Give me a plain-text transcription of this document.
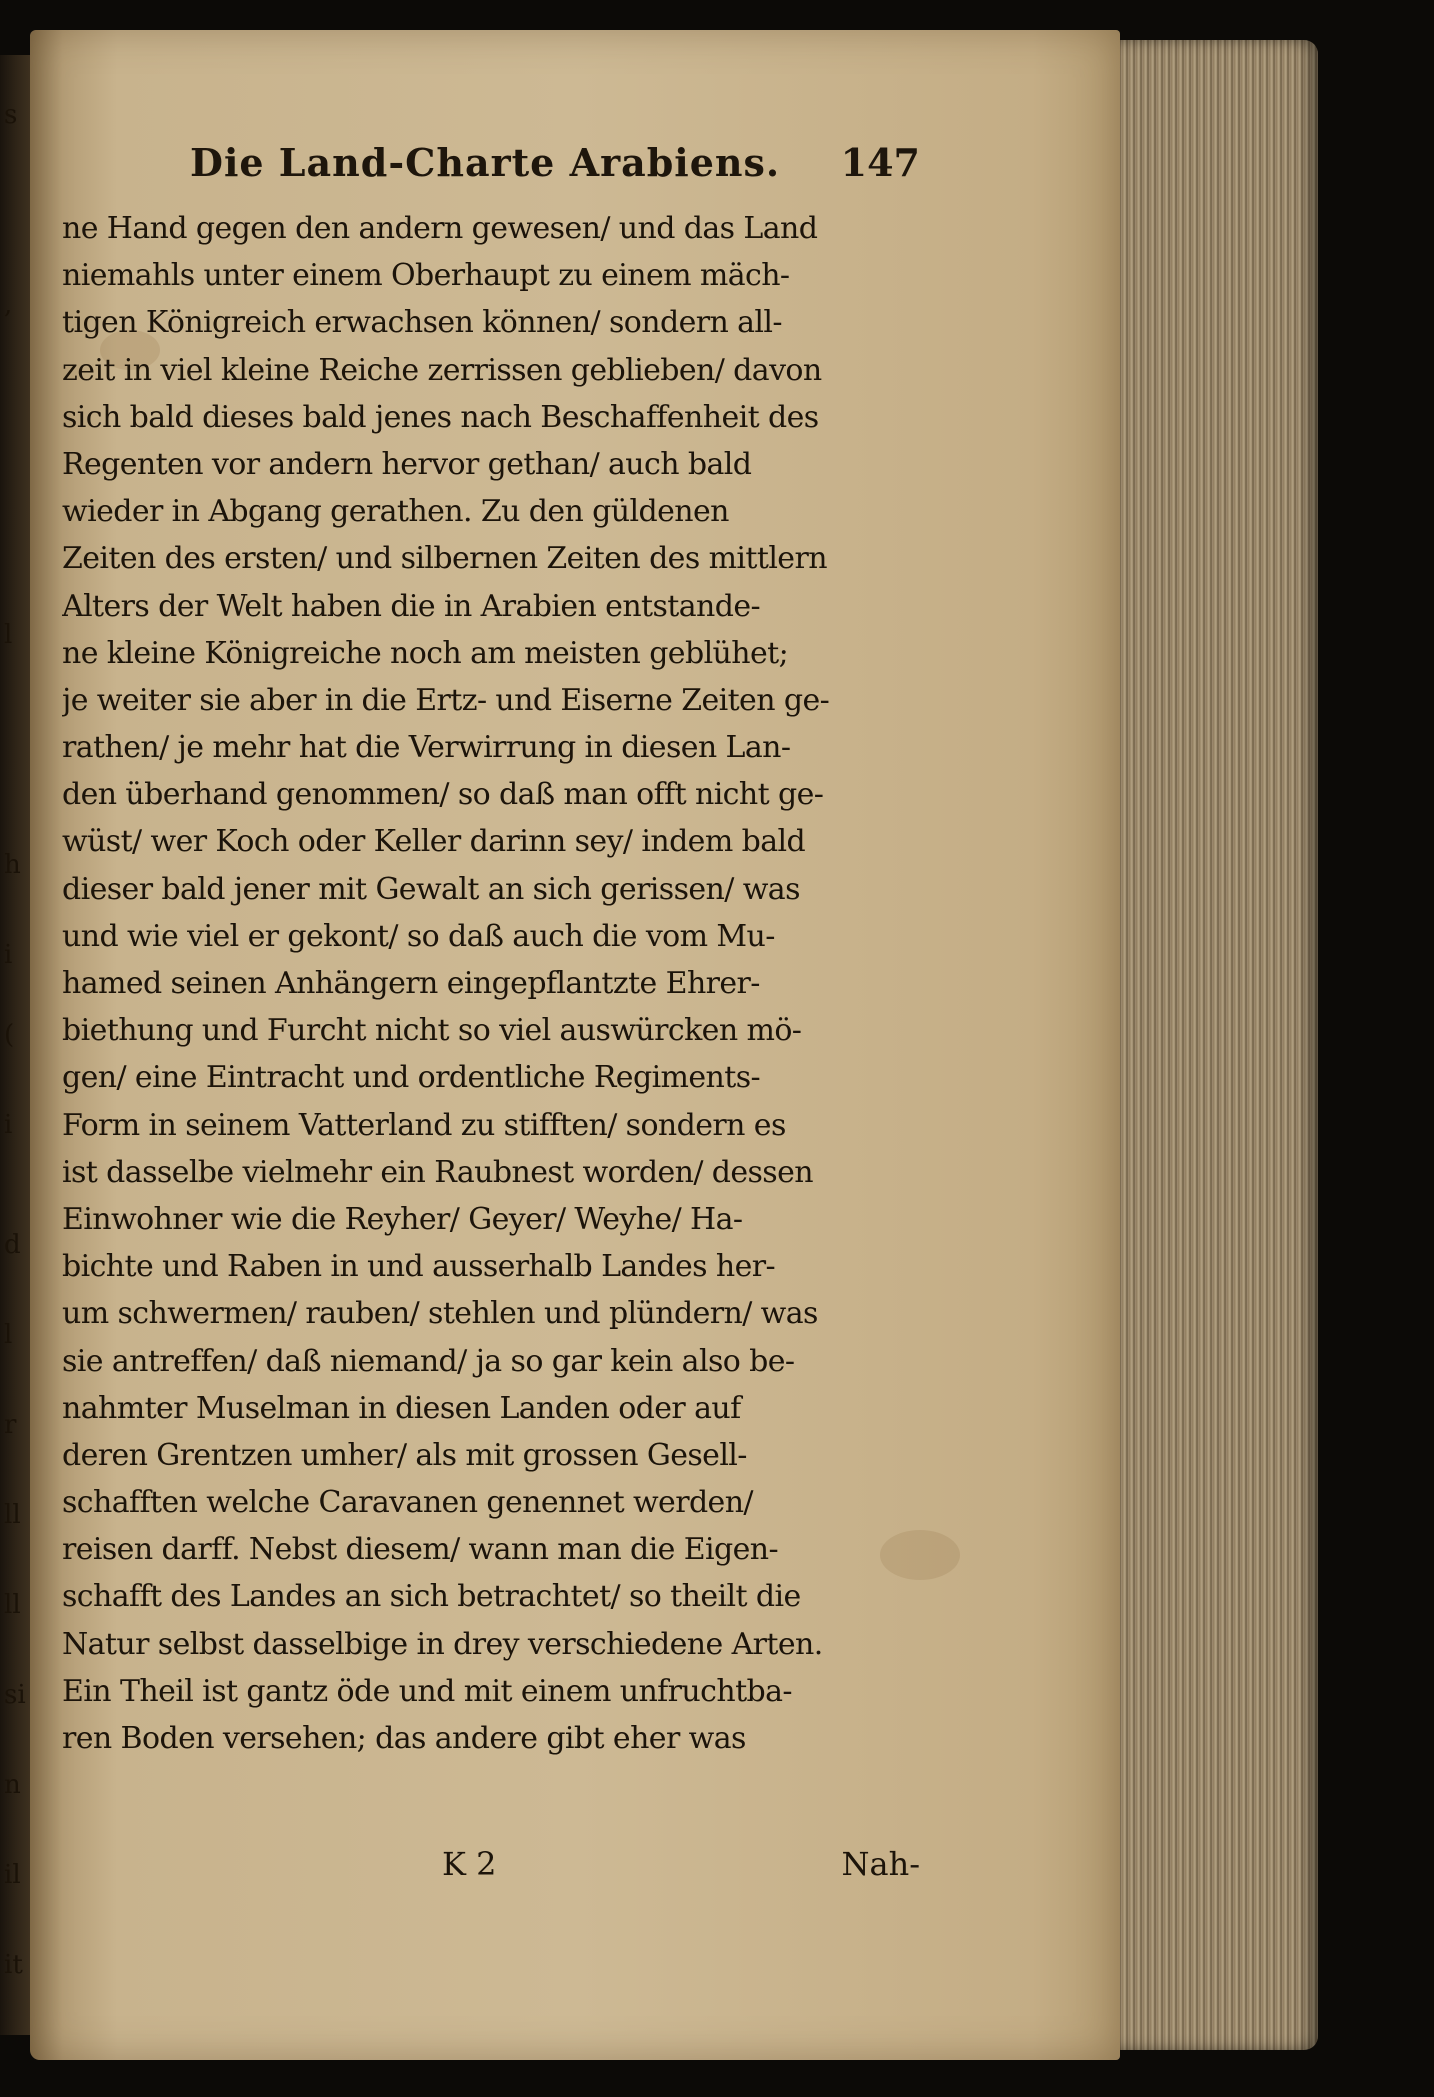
s
,
l
h
i
(
i
d
l
r
ll
ll
si
n
il
it
Die Land-Charte Arabiens. 147
ne Hand gegen den andern gewesen/ und das Land
niemahls unter einem Oberhaupt zu einem mäch-
tigen Königreich erwachsen können/ sondern all-
zeit in viel kleine Reiche zerrissen geblieben/ davon
sich bald dieses bald jenes nach Beschaffenheit des
Regenten vor andern hervor gethan/ auch bald
wieder in Abgang gerathen. Zu den güldenen
Zeiten des ersten/ und silbernen Zeiten des mittlern
Alters der Welt haben die in Arabien entstande-
ne kleine Königreiche noch am meisten geblühet;
je weiter sie aber in die Ertz- und Eiserne Zeiten ge-
rathen/ je mehr hat die Verwirrung in diesen Lan-
den überhand genommen/ so daß man offt nicht ge-
wüst/ wer Koch oder Keller darinn sey/ indem bald
dieser bald jener mit Gewalt an sich gerissen/ was
und wie viel er gekont/ so daß auch die vom Mu-
hamed seinen Anhängern eingepflantzte Ehrer-
biethung und Furcht nicht so viel auswürcken mö-
gen/ eine Eintracht und ordentliche Regiments-
Form in seinem Vatterland zu stifften/ sondern es
ist dasselbe vielmehr ein Raubnest worden/ dessen
Einwohner wie die Reyher/ Geyer/ Weyhe/ Ha-
bichte und Raben in und ausserhalb Landes her-
um schwermen/ rauben/ stehlen und plündern/ was
sie antreffen/ daß niemand/ ja so gar kein also be-
nahmter Muselman in diesen Landen oder auf
deren Grentzen umher/ als mit grossen Gesell-
schafften welche Caravanen genennet werden/
reisen darff. Nebst diesem/ wann man die Eigen-
schafft des Landes an sich betrachtet/ so theilt die
Natur selbst dasselbige in drey verschiedene Arten.
Ein Theil ist gantz öde und mit einem unfruchtba-
ren Boden versehen; das andere gibt eher was
K 2	Nah-
